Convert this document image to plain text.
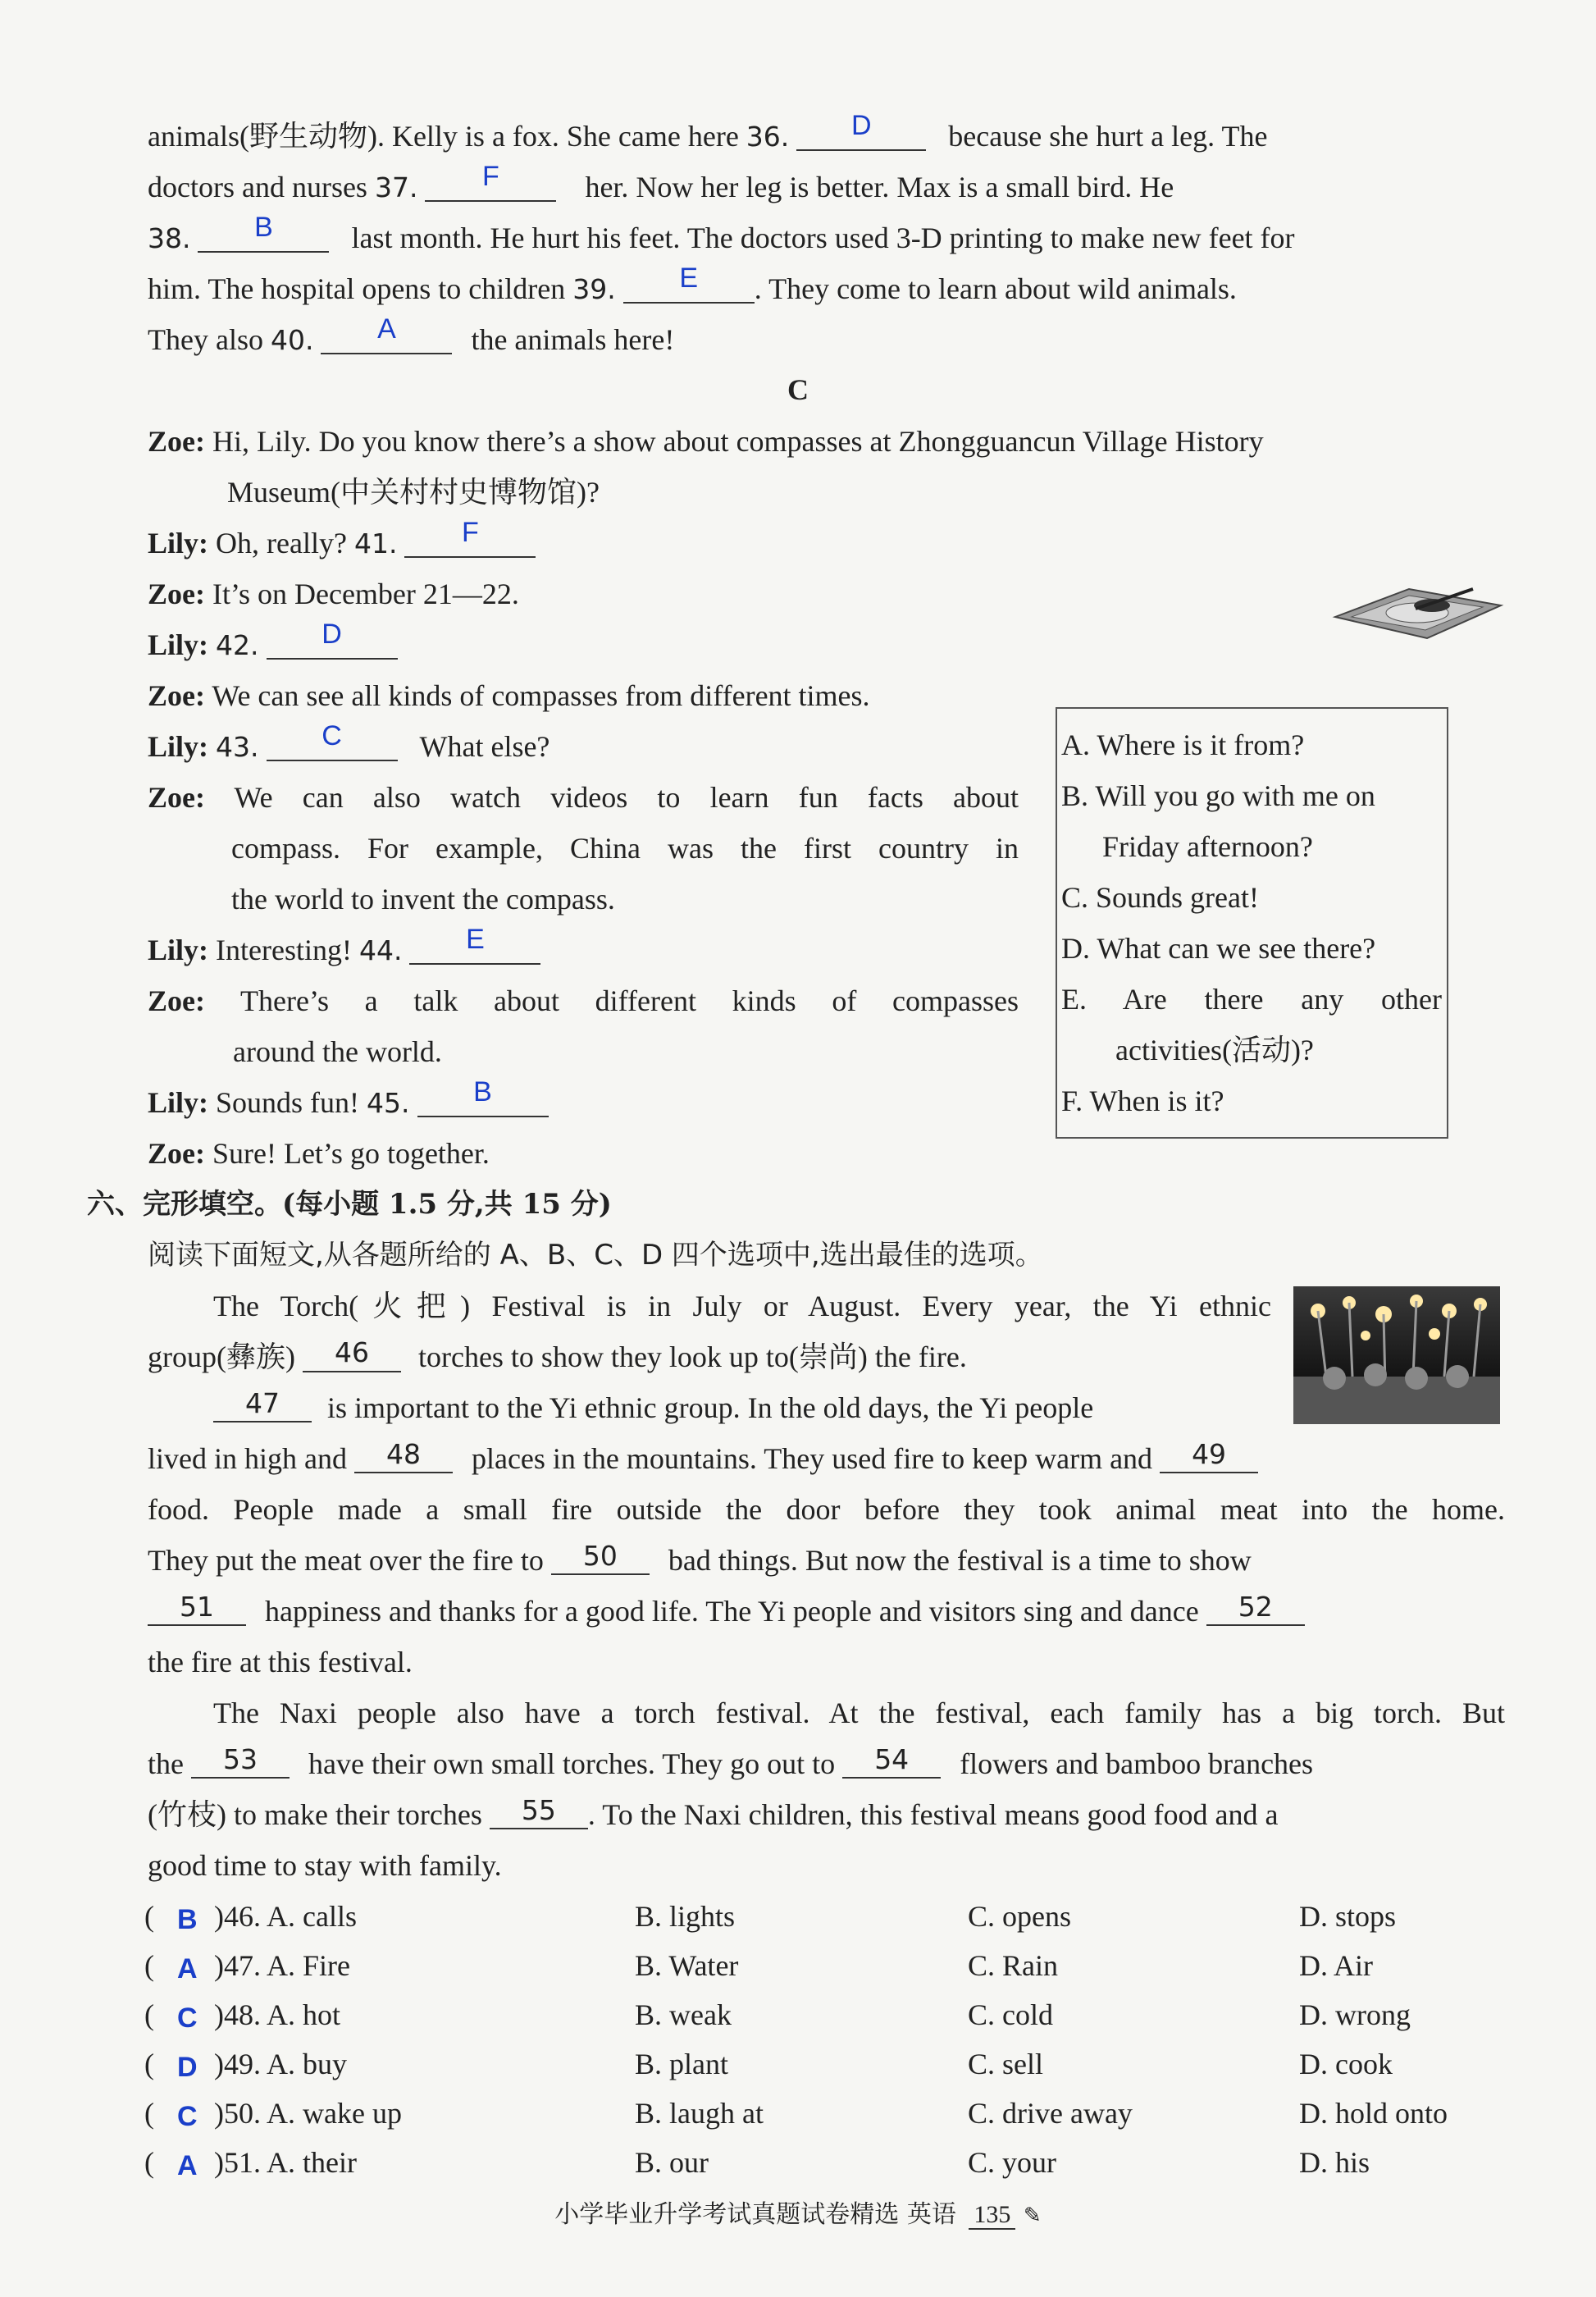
animals(野生动物). Kelly is a fox. She came here 36. D	because she hurt a leg. The
doctors and nurses 37. F	her. Now her leg is better. Max is a small bird. He
38. B	last month. He hurt his feet. The doctors used 3-D printing to make new feet for
him. The hospital opens to children 39. E . They come to learn about wild animals.
They also 40. A	the animals here!
C
Zoe: Hi, Lily. Do you know there’s a show about compasses at Zhongguancun Village History
Museum(中关村村史博物馆)?
Lily: Oh, really? 41. F
Zoe: It’s on December 21—22.
Lily: 42. D
Zoe: We can see all kinds of compasses from different times.
Lily: 43. C	What else?
Zoe: We can also watch videos to learn fun facts about
compass. For example, China was the first country in
the world to invent the compass.
Lily: Interesting! 44. E
Zoe: There’s a talk about different kinds of compasses
around the world.
Lily: Sounds fun! 45. B
Zoe: Sure! Let’s go together.
A. Where is it from?
B. Will you go with me on
Friday afternoon?
C. Sounds great!
D. What can we see there?
E. Are there any other
activities(活动)?
F. When is it?
六、完形填空。(每小题 1.5 分,共 15 分)
阅读下面短文,从各题所给的 A、B、C、D 四个选项中,选出最佳的选项。
The Torch(火把) Festival is in July or August. Every year, the Yi ethnic
group(彝族) 46 torches to show they look up to(崇尚) the fire.
47 is important to the Yi ethnic group. In the old days, the Yi people
lived in high and 48 places in the mountains. They used fire to keep warm and 49
food. People made a small fire outside the door before they took animal meat into the home.
They put the meat over the fire to 50 bad things. But now the festival is a time to show
51 happiness and thanks for a good life. The Yi people and visitors sing and dance 52
the fire at this festival.
The Naxi people also have a torch festival. At the festival, each family has a big torch. But
the 53 have their own small torches. They go out to 54 flowers and bamboo branches
(竹枝) to make their torches 55 . To the Naxi children, this festival means good food and a
good time to stay with family.
( B )46. A. calls	B. lights	C. opens	D. stops
( A )47. A. Fire	B. Water	C. Rain	D. Air
( C )48. A. hot	B. weak	C. cold	D. wrong
( D )49. A. buy	B. plant	C. sell	D. cook
( C )50. A. wake up	B. laugh at	C. drive away	D. hold onto
( A )51. A. their	B. our	C. your	D. his
小学毕业升学考试真题试卷精选 英语 135 ✎
